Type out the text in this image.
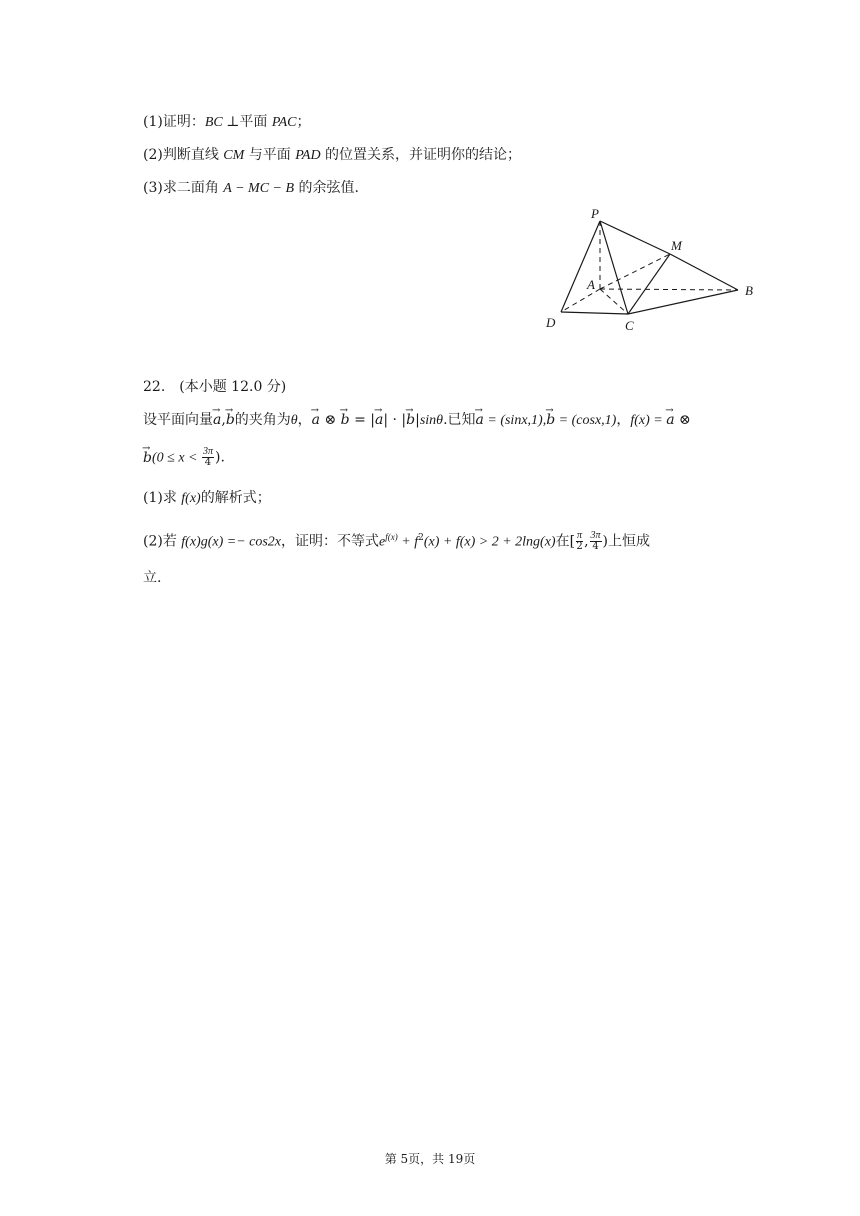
(1)证明：BC ⊥平面 PAC；
(2)判断直线 CM 与平面 PAD 的位置关系，并证明你的结论；
(3)求二面角 A − MC − B 的余弦值.
P
M
A	B
D	C
22.　(本小题 12.0 分)
设平面向量→ a,→ b的夹角为θ，→ a ⊗ → b = |→ a| · |→ b|sinθ.已知→ a = (sinx,1),→ b = (cosx,1)，f(x) = → a ⊗
→ $b(0 \le x < \frac{3\pi}{4}$ ).
(1)求 f(x)的解析式；
(2)若 f(x)g(x) =− cos2x，证明：不等式$e^{f(x)} + f^2(x) + f(x) > 2 + 2\ln g(x)$在[ $\frac{\pi}{2}$ , $\frac{3\pi}{4}$ )上恒成
立.
第 5页，共 19页
